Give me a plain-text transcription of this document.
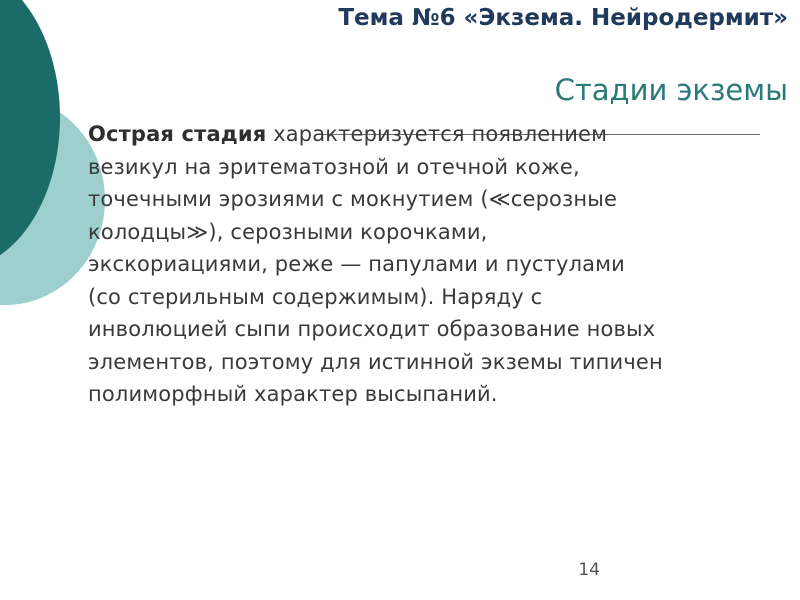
Тема №6 «Экзема. Нейродермит»
Стадии экземы

Острая стадия характеризуется появлением
везикул на эритематозной и отечной коже,
точечными эрозиями с мокнутием (≪серозные
колодцы≫), серозными корочками,
экскориациями, реже — папулами и пустулами
(со стерильным содержимым). Наряду с
инволюцией сыпи происходит образование новых
элементов, поэтому для истинной экземы типичен
полиморфный характер высыпаний.

14
